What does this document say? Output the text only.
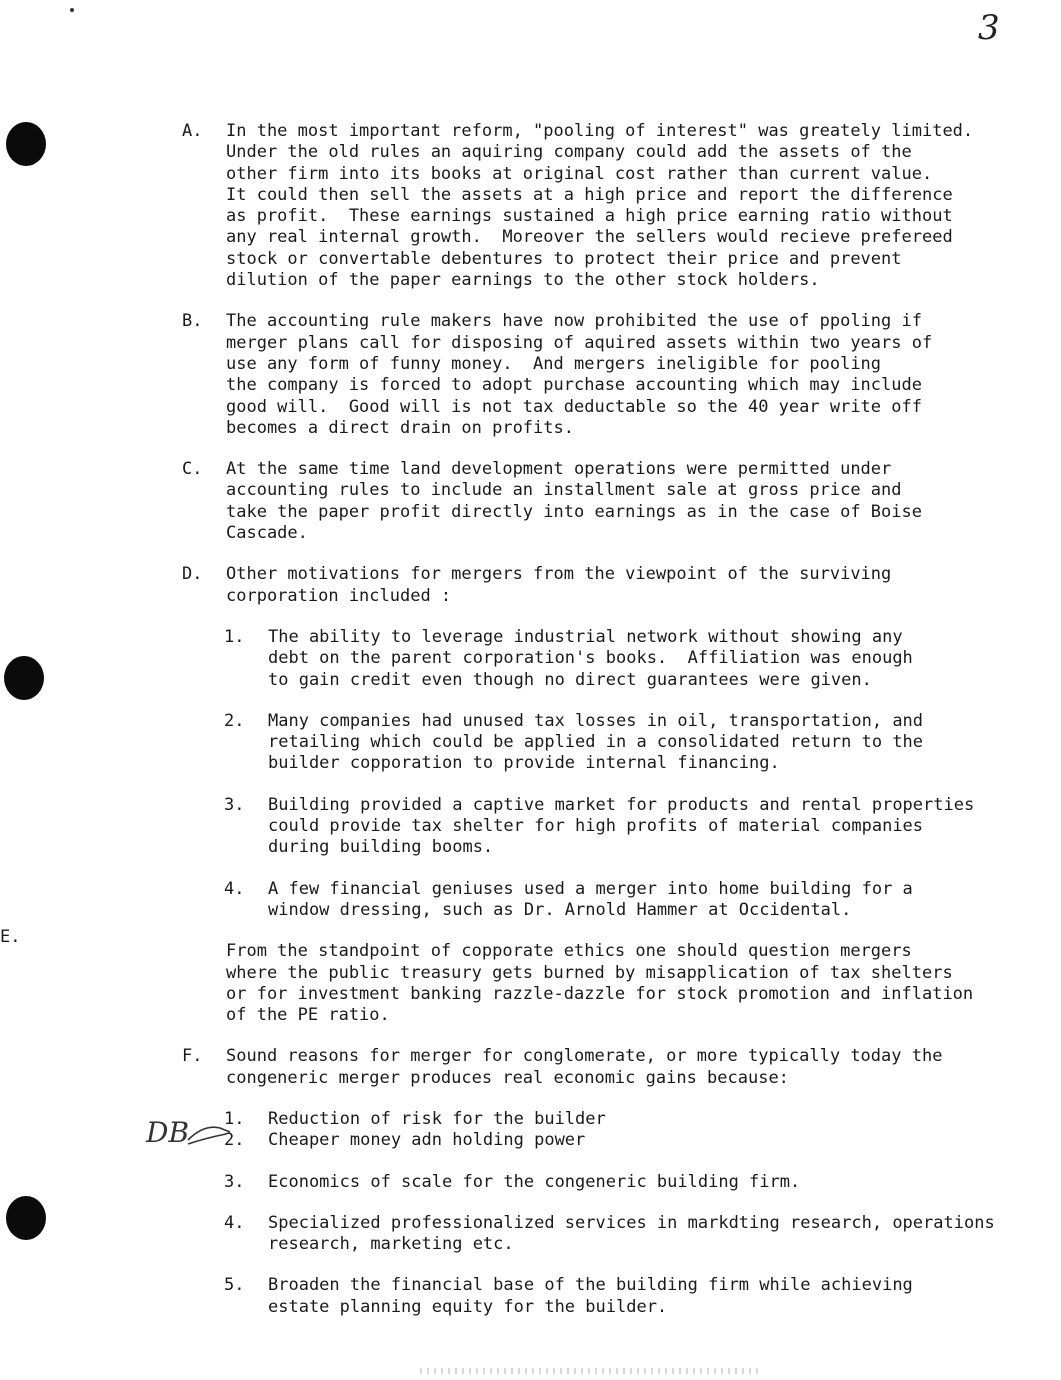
3
A. In the most important reform, "pooling of interest" was greately limited.

Under the old rules an aquiring company could add the assets of the

other firm into its books at original cost rather than current value.

It could then sell the assets at a high price and report the difference

as profit.  These earnings sustained a high price earning ratio without

any real internal growth.  Moreover the sellers would recieve prefereed

stock or convertable debentures to protect their price and prevent

dilution of the paper earnings to the other stock holders.

B. The accounting rule makers have now prohibited the use of ppoling if

merger plans call for disposing of aquired assets within two years of

use any form of funny money.  And mergers ineligible for pooling

the company is forced to adopt purchase accounting which may include

good will.  Good will is not tax deductable so the 40 year write off

becomes a direct drain on profits.

C. At the same time land development operations were permitted under

accounting rules to include an installment sale at gross price and

take the paper profit directly into earnings as in the case of Boise

Cascade.

D. Other motivations for mergers from the viewpoint of the surviving

corporation included :

1. The ability to leverage industrial network without showing any

debt on the parent corporation's books.  Affiliation was enough

to gain credit even though no direct guarantees were given.

2. Many companies had unused tax losses in oil, transportation, and

retailing which could be applied in a consolidated return to the

builder copporation to provide internal financing.

3. Building provided a captive market for products and rental properties

could provide tax shelter for high profits of material companies

during building booms.

4. A few financial geniuses used a merger into home building for a

window dressing, such as Dr. Arnold Hammer at Occidental.

From the standpoint of copporate ethics one should question mergers

where the public treasury gets burned by misapplication of tax shelters

or for investment banking razzle-dazzle for stock promotion and inflation

of the PE ratio.

F. Sound reasons for merger for conglomerate, or more typically today the

congeneric merger produces real economic gains because:

1. Reduction of risk for the builder

2. Cheaper money adn holding power

3. Economics of scale for the congeneric building firm.

4. Specialized professionalized services in markdting research, operations

research, marketing etc.

5. Broaden the financial base of the building firm while achieving

estate planning equity for the builder.

E.
DB
